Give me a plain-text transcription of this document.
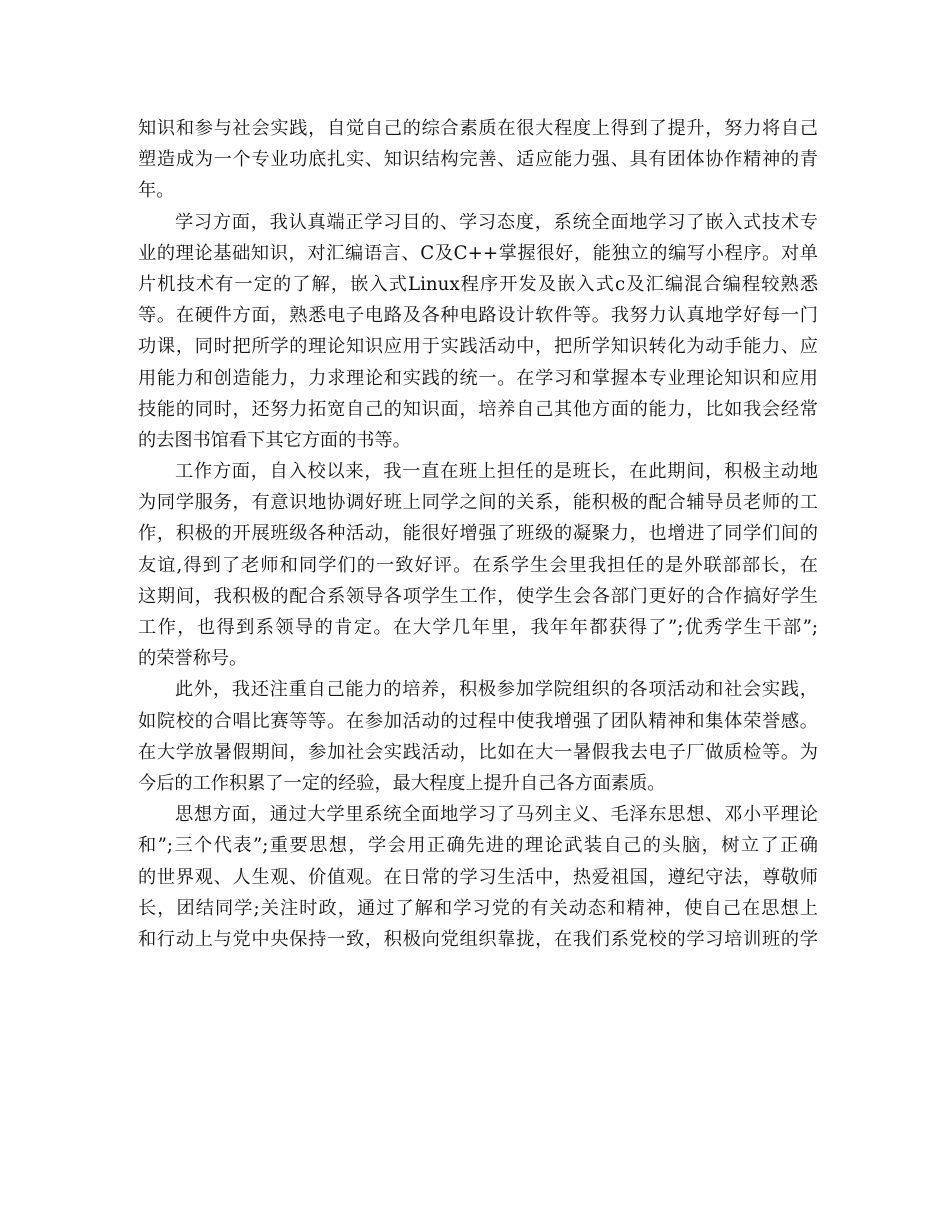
知识和参与社会实践，自觉自己的综合素质在很大程度上得到了提升，努力将自己

塑造成为一个专业功底扎实、知识结构完善、适应能力强、具有团体协作精神的青

年。

学习方面，我认真端正学习目的、学习态度，系统全面地学习了嵌入式技术专

业的理论基础知识，对汇编语言、C及C++掌握很好，能独立的编写小程序。对单

片机技术有一定的了解，嵌入式Linux程序开发及嵌入式c及汇编混合编程较熟悉

等。在硬件方面，熟悉电子电路及各种电路设计软件等。我努力认真地学好每一门

功课，同时把所学的理论知识应用于实践活动中，把所学知识转化为动手能力、应

用能力和创造能力，力求理论和实践的统一。在学习和掌握本专业理论知识和应用

技能的同时，还努力拓宽自己的知识面，培养自己其他方面的能力，比如我会经常

的去图书馆看下其它方面的书等。

工作方面，自入校以来，我一直在班上担任的是班长，在此期间，积极主动地

为同学服务，有意识地协调好班上同学之间的关系，能积极的配合辅导员老师的工

作，积极的开展班级各种活动，能很好增强了班级的凝聚力，也增进了同学们间的

友谊,得到了老师和同学们的一致好评。在系学生会里我担任的是外联部部长，在

这期间，我积极的配合系领导各项学生工作，使学生会各部门更好的合作搞好学生

工作，也得到系领导的肯定。在大学几年里，我年年都获得了”;优秀学生干部”;

的荣誉称号。

此外，我还注重自己能力的培养，积极参加学院组织的各项活动和社会实践，

如院校的合唱比赛等等。在参加活动的过程中使我增强了团队精神和集体荣誉感。

在大学放暑假期间，参加社会实践活动，比如在大一暑假我去电子厂做质检等。为

今后的工作积累了一定的经验，最大程度上提升自己各方面素质。

思想方面，通过大学里系统全面地学习了马列主义、毛泽东思想、邓小平理论

和”;三个代表”;重要思想，学会用正确先进的理论武装自己的头脑，树立了正确

的世界观、人生观、价值观。在日常的学习生活中，热爱祖国，遵纪守法，尊敬师

长，团结同学;关注时政，通过了解和学习党的有关动态和精神，使自己在思想上

和行动上与党中央保持一致，积极向党组织靠拢，在我们系党校的学习培训班的学
